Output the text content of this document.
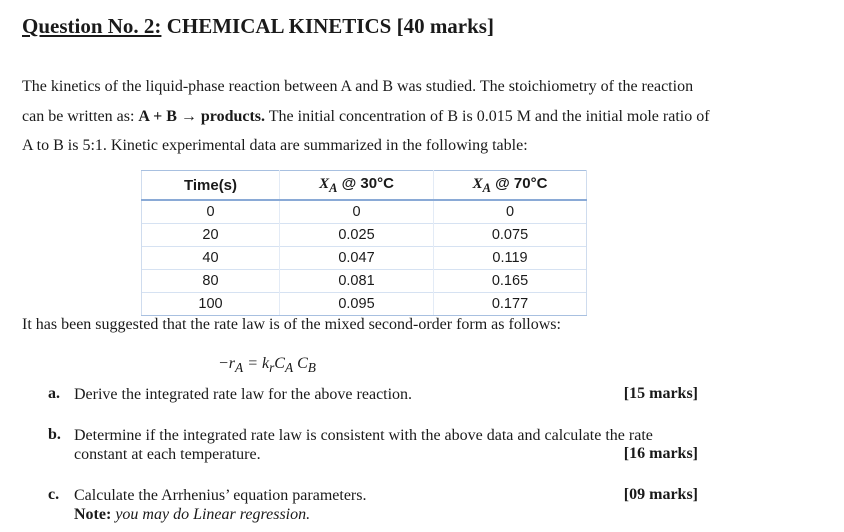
Question No. 2: CHEMICAL KINETICS [40 marks]
The kinetics of the liquid-phase reaction between A and B was studied. The stoichiometry of the reaction can be written as: A + B → products. The initial concentration of B is 0.015 M and the initial mole ratio of A to B is 5:1. Kinetic experimental data are summarized in the following table:
Time(s)	$X_A$ @ 30°C	$X_A$ @ 70°C
0	0	0
20	0.025	0.075
40	0.047	0.119
80	0.081	0.165
100	0.095	0.177
It has been suggested that the rate law is of the mixed second-order form as follows:
$-r_A = k_rC_A$ $C_B$
a. Derive the integrated rate law for the above reaction.	[15 marks]
b. Determine if the integrated rate law is consistent with the above data and calculate the rate constant at each temperature.	[16 marks]
c. Calculate the Arrhenius’ equation parameters.
Note: you may do Linear regression.
[09 marks]
